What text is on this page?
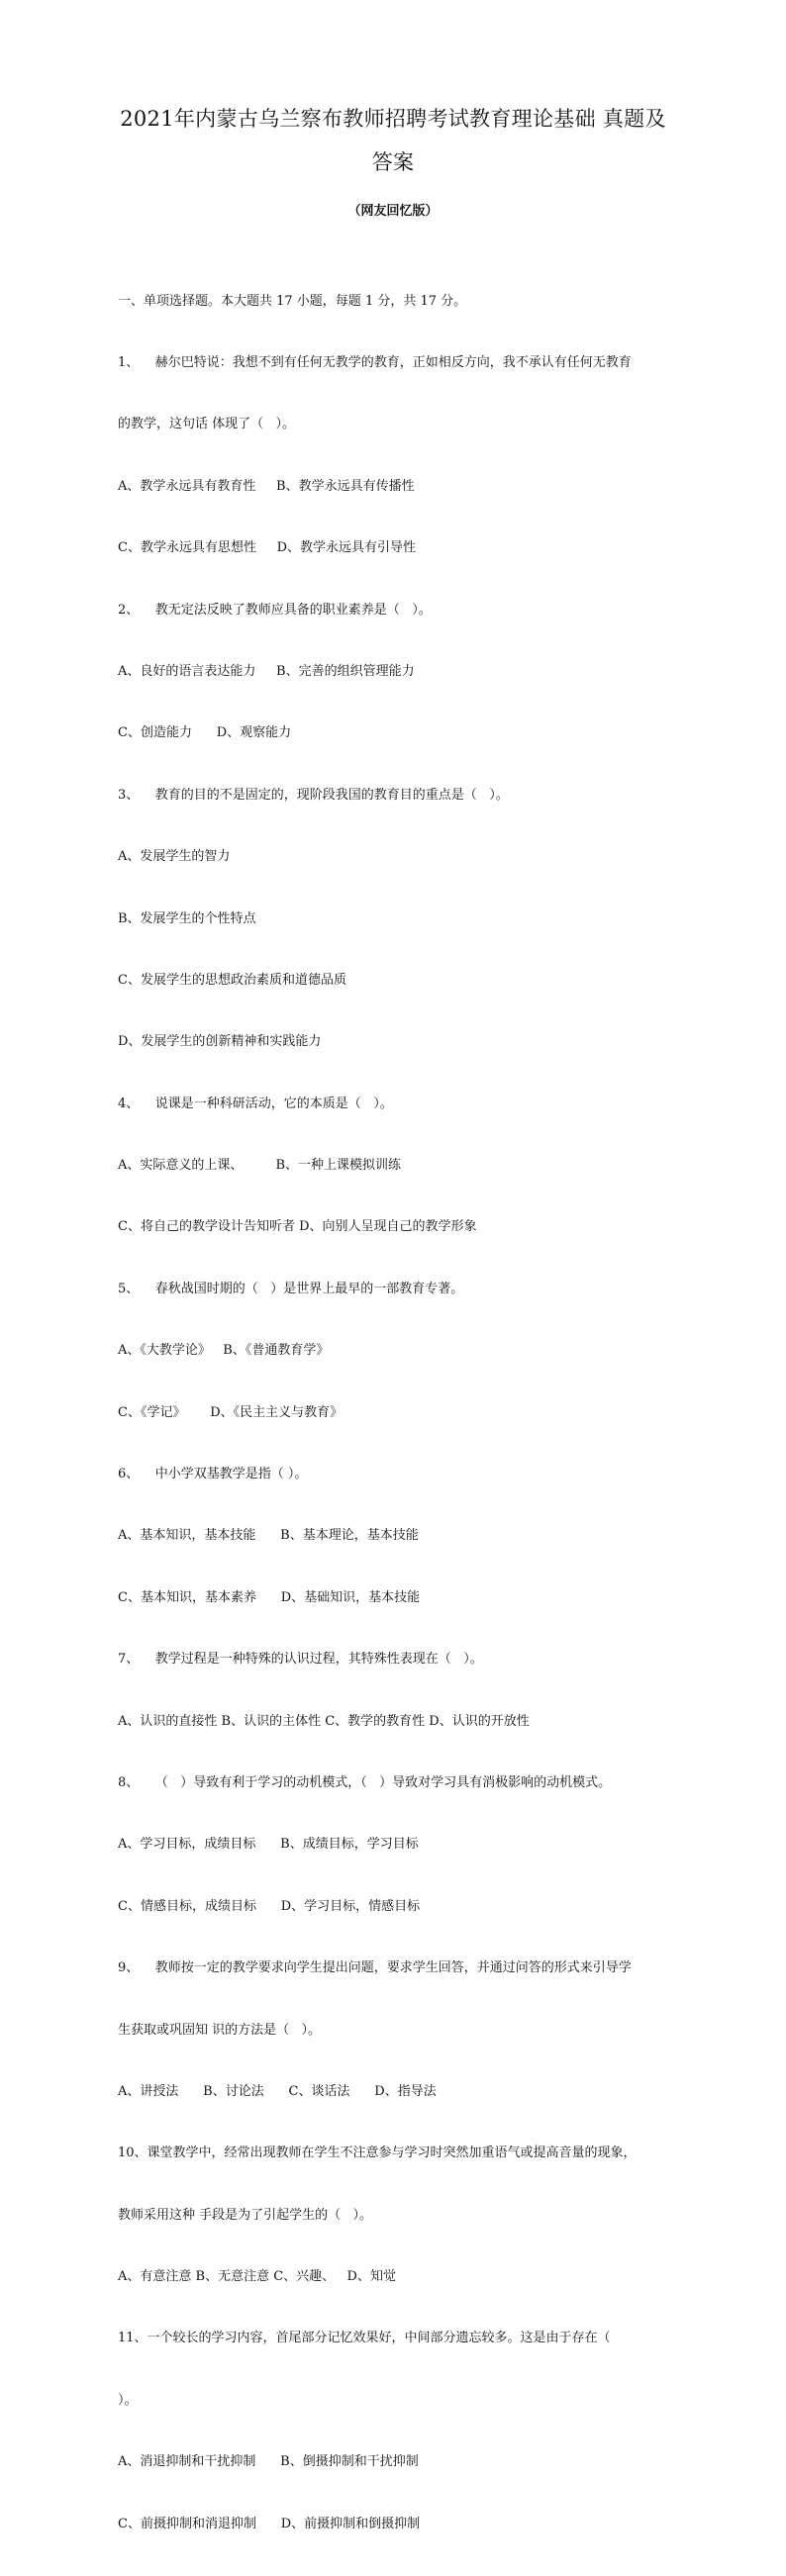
2021年内蒙古乌兰察布教师招聘考试教育理论基础 真题及
答案
（网友回忆版）

一、单项选择题。本大题共 17 小题，每题 1 分，共 17 分。

1、    赫尔巴特说：我想不到有任何无教学的教育，正如相反方向，我不承认有任何无教育

的教学，这句话 体现了（   ）。

A、教学永远具有教育性     B、教学永远具有传播性

C、教学永远具有思想性     D、教学永远具有引导性

2、    教无定法反映了教师应具备的职业素养是（   ）。

A、良好的语言表达能力     B、完善的组织管理能力

C、创造能力      D、观察能力

3、    教育的目的不是固定的，现阶段我国的教育目的重点是（   ）。

A、发展学生的智力

B、发展学生的个性特点

C、发展学生的思想政治素质和道德品质

D、发展学生的创新精神和实践能力

4、    说课是一种科研活动，它的本质是（   ）。

A、实际意义的上课、        B、一种上课模拟训练

C、将自己的教学设计告知听者 D、向别人呈现自己的教学形象

5、    春秋战国时期的（   ）是世界上最早的一部教育专著。

A、《大教学论》   B、《普通教育学》

C、《学记》      D、《民主主义与教育》

6、    中小学双基教学是指（ ）。

A、基本知识，基本技能      B、基本理论，基本技能

C、基本知识，基本素养      D、基础知识，基本技能

7、    教学过程是一种特殊的认识过程，其特殊性表现在（   ）。

A、认识的直接性 B、认识的主体性 C、教学的教育性 D、认识的开放性

8、    （   ）导致有利于学习的动机模式，（   ）导致对学习具有消极影响的动机模式。

A、学习目标，成绩目标      B、成绩目标，学习目标

C、情感目标，成绩目标      D、学习目标，情感目标

9、    教师按一定的教学要求向学生提出问题，要求学生回答，并通过问答的形式来引导学

生获取或巩固知 识的方法是（   ）。

A、讲授法      B、讨论法      C、谈话法      D、指导法

10、课堂教学中，经常出现教师在学生不注意参与学习时突然加重语气或提高音量的现象，

教师采用这种 手段是为了引起学生的（   ）。

A、有意注意 B、无意注意 C、兴趣、   D、知觉

11、一个较长的学习内容，首尾部分记忆效果好，中间部分遗忘较多。这是由于存在（

）。

A、消退抑制和干扰抑制      B、倒摄抑制和干扰抑制

C、前摄抑制和消退抑制      D、前摄抑制和倒摄抑制
